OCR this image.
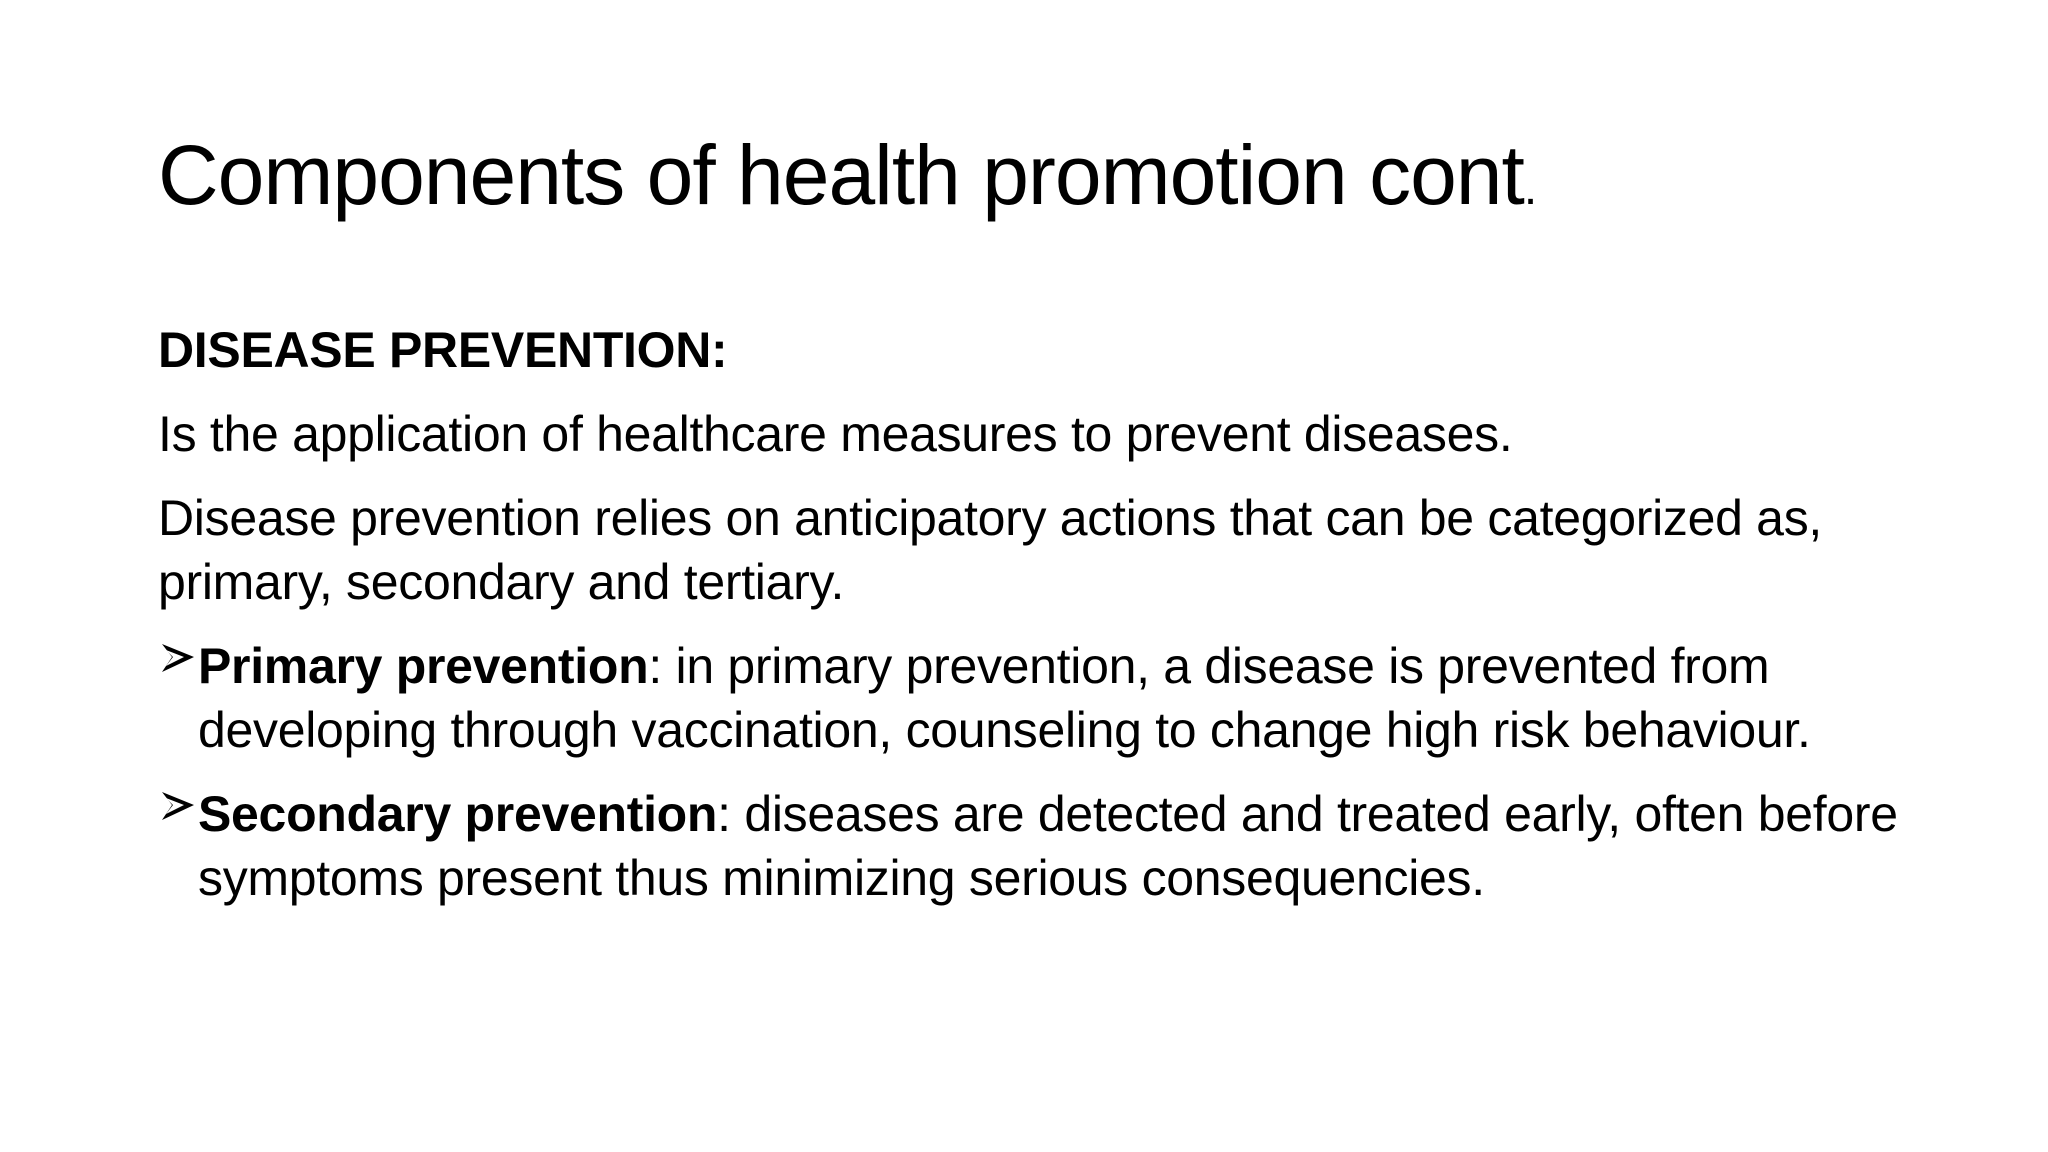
Components of health promotion cont.

DISEASE PREVENTION:

Is the application of healthcare measures to prevent diseases.

Disease prevention relies on anticipatory actions that can be categorized as, primary, secondary and tertiary.

Primary prevention: in primary prevention, a disease is prevented from developing through vaccination, counseling to change high risk behaviour.
Secondary prevention: diseases are detected and treated early, often before symptoms present thus minimizing serious consequencies.
